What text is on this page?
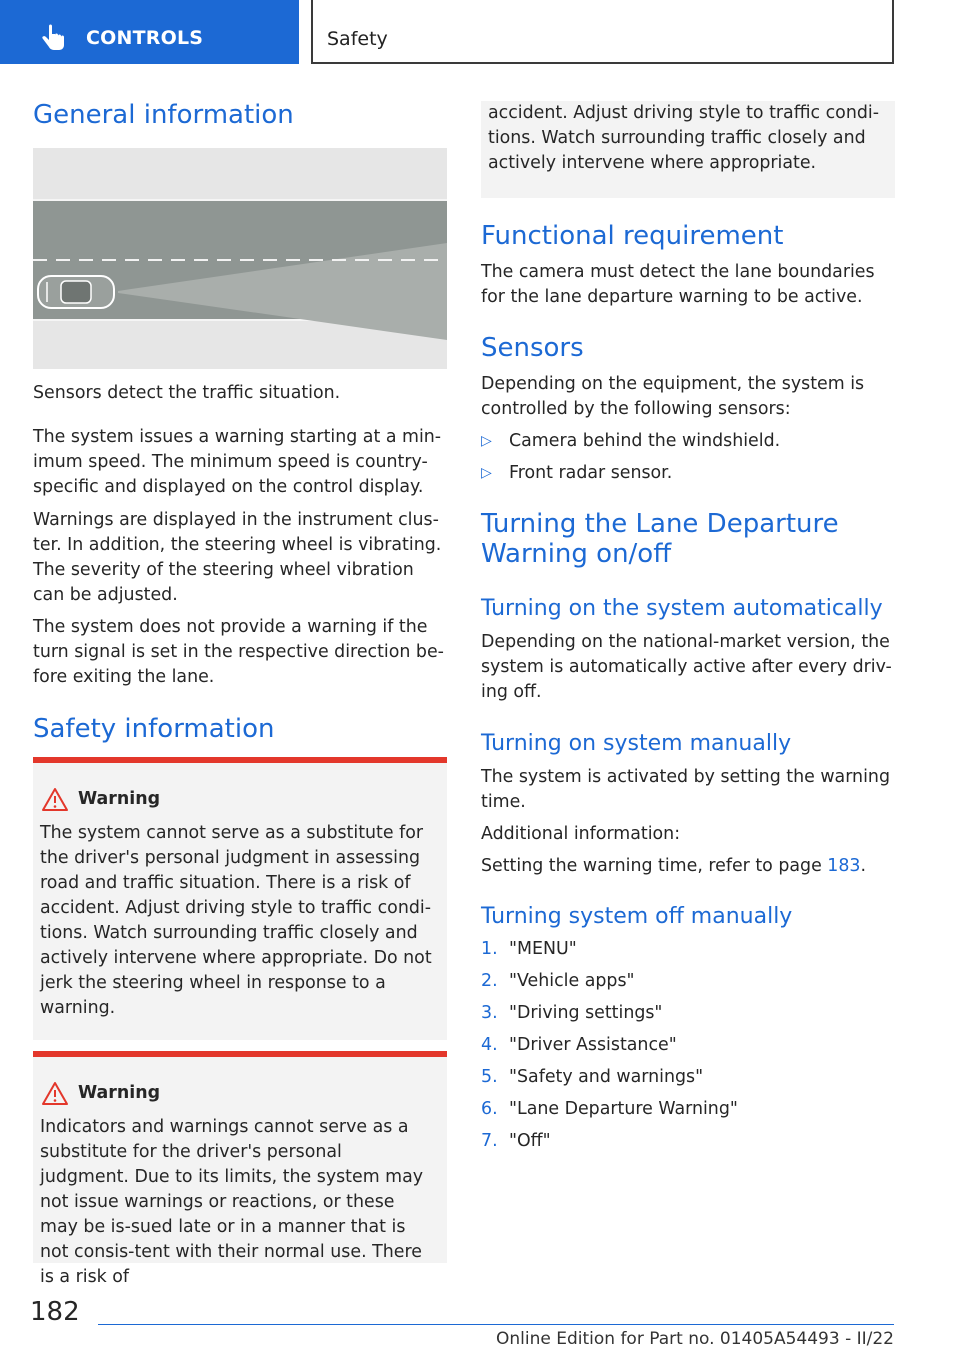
CONTROLS	Safety
General information

Sensors detect the traffic situation.

The system issues a warning starting at a min-imum speed. The minimum speed is country-specific and displayed on the control display.

Warnings are displayed in the instrument clus-ter. In addition, the steering wheel is vibrating. The severity of the steering wheel vibration can be adjusted.

The system does not provide a warning if the turn signal is set in the respective direction be-fore exiting the lane.

Safety information
Warning

The system cannot serve as a substitute for the driver's personal judgment in assessing road and traffic situation. There is a risk of accident. Adjust driving style to traffic condi-tions. Watch surrounding traffic closely and actively intervene where appropriate. Do not jerk the steering wheel in response to a warning.

Warning

Indicators and warnings cannot serve as a substitute for the driver's personal judgment. Due to its limits, the system may not issue warnings or reactions, or these may be is-sued late or in a manner that is not consis-tent with their normal use. There is a risk of

accident. Adjust driving style to traffic condi-tions. Watch surrounding traffic closely and actively intervene where appropriate.

Functional requirement

The camera must detect the lane boundaries for the lane departure warning to be active.

Sensors

Depending on the equipment, the system is controlled by the following sensors:

▷ Camera behind the windshield.
▷ Front radar sensor.
Turning the Lane Departure
Warning on/off
Turning on the system automatically

Depending on the national-market version, the system is automatically active after every driv-ing off.

Turning on system manually

The system is activated by setting the warning time.

Additional information:

Setting the warning time, refer to page 183.

Turning system off manually
1. "MENU"
2. "Vehicle apps"
3. "Driving settings"
4. "Driver Assistance"
5. "Safety and warnings"
6. "Lane Departure Warning"
7. "Off"
182
Online Edition for Part no. 01405A54493 - II/22
